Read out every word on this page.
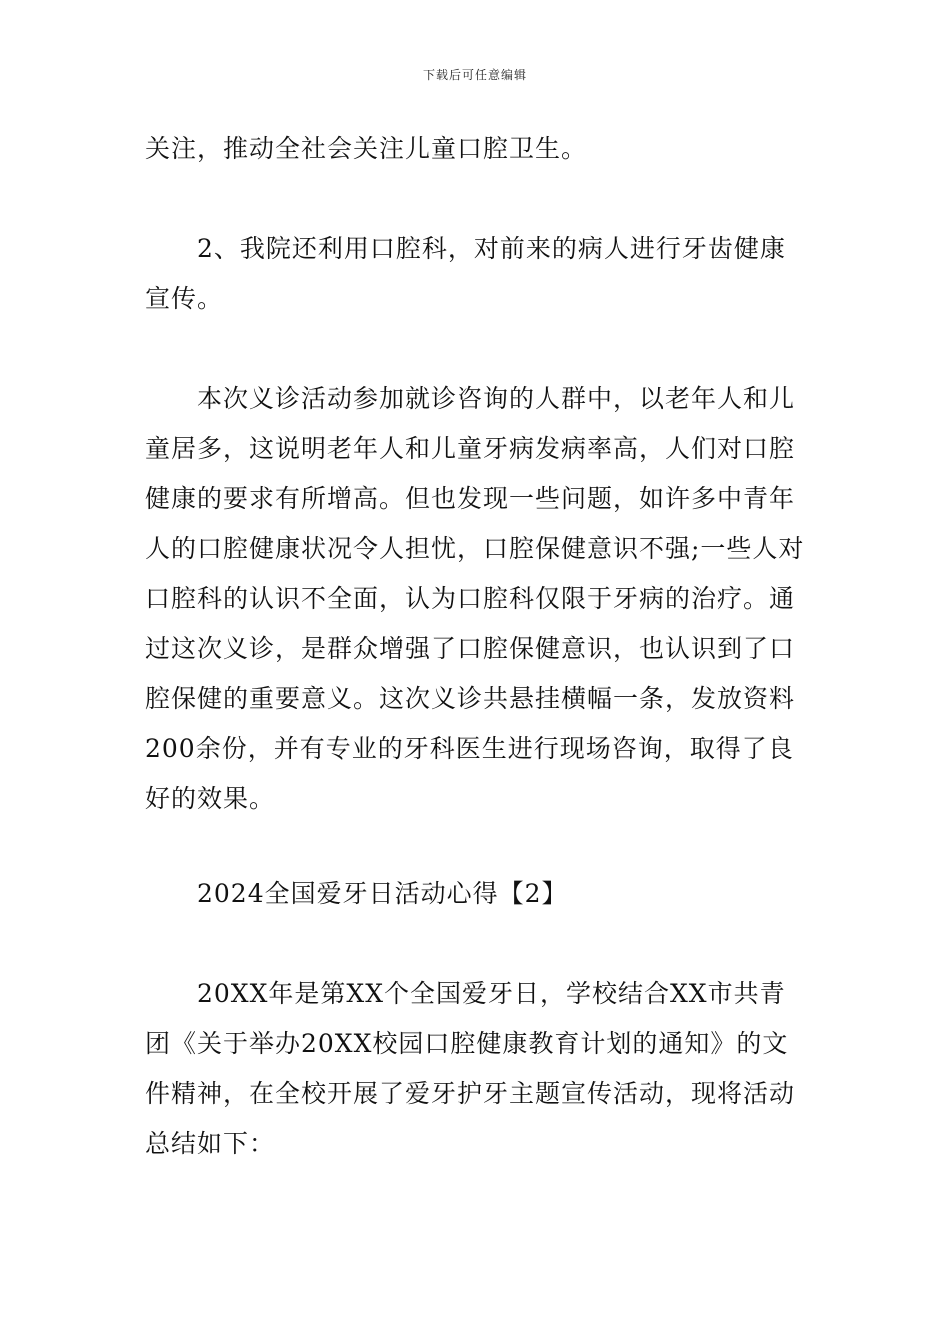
下载后可任意编辑

关注，推动全社会关注儿童口腔卫生。

2、我院还利用口腔科，对前来的病人进行牙齿健康宣传。

本次义诊活动参加就诊咨询的人群中，以老年人和儿童居多，这说明老年人和儿童牙病发病率高，人们对口腔健康的要求有所增高。但也发现一些问题，如许多中青年人的口腔健康状况令人担忧，口腔保健意识不强;一些人对口腔科的认识不全面，认为口腔科仅限于牙病的治疗。通过这次义诊，是群众增强了口腔保健意识，也认识到了口腔保健的重要意义。这次义诊共悬挂横幅一条，发放资料200余份，并有专业的牙科医生进行现场咨询，取得了良好的效果。

2024全国爱牙日活动心得【2】

20XX年是第XX个全国爱牙日，学校结合XX市共青团《关于举办20XX校园口腔健康教育计划的通知》的文件精神，在全校开展了爱牙护牙主题宣传活动，现将活动总结如下：
